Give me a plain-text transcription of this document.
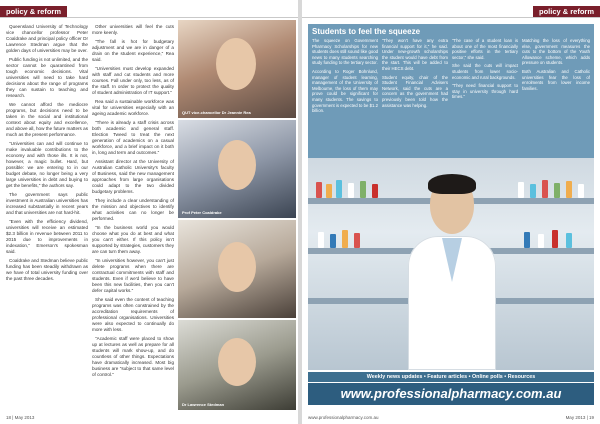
policy & reform

Queensland University of Technology vice chancellor professor Peter Coaldrake and principal policy officer Dr Lawrence Stedman argue that the golden days of universities may be over.

Public funding is not unlimited, and the sector cannot be quarantined from tough economic decisions. Vital universities will need to take hard decisions about the range of programs they can sustain to teaching and research.

We cannot afford the mediocre programs, but decisions need to be taken in the social and institutional context about equity and excellence, and above all, how the future matters as much as the present performance.

"Universities can and will continue to make invaluable contributions to the economy and with those ills. It is not, however, a magic bullet. Hard, but possible: we are entering to in our budget debate, no longer being a very large universities in debt and buying to get the benefits," the authors say.

The government says public investment in Australian universities has increased substantially in recent years and that universities are not hard-hit.

"Even with the efficiency dividend, universities will receive an estimated $2.3 billion in revenue between 2011 to 2015 due to improvements in indexation," Emerson's spokesman said.

Coaldrake and Stedman believe public funding has been steadily withdrawn as we have of total university funding over the past three decades.

Other universities will feel the cuts more keenly.

"The fall is hot for budgetary adjustment and we are in danger of a drain on the student experience," Rea said.

"Universities must develop expanded with staff and cut students and more courses. Fall under only, too less, as of the staff. In order to protect the quality of student administration of IT support."

Rea said a sustainable workforce was vital for universities especially with an ageing academic workforce.

"There is already a staff crisis across both academic and general staff. Election Tweed to treat the next generation of academics on a casual workforce, and a brief impact on it both in, long and term and outcomes."

Assistant director at the University of Australian Catholic University's faculty of Business, said the new management approaches from large organisations could adapt to the two divided budgetary problems.

They include a clear understanding of the mission and objectives to identify what activities can no longer be performed.

"In the business world you would choose what you do at best and what you can't either. If this policy isn't supported by strategies, customers they are can turn them away.

"In universities however, you can't just delete programs when there are contractual commitments with staff and students. Even if we'd believe to have been this new facilities, then you can't defer capital works."

She said even the content of teaching programs was often constrained by the accreditation requirements of professional organisations. Universities were also expected to continually do more with less.

"Academic staff were placed to show up at lectures as well as prepare for all students will mark show-up, and do countless of other things. Expectations have dramatically increased. Most big business are "subject to that same level of control."

QUT vice-chancellor Dr Jeannie Rea
Prof Peter Coaldrake
Dr Lawrence Stedman
18 | May 2013
policy & reform
Students to feel the squeeze

The squeeze on Government Pharmacy Scholarships for new students does still sound like good news to many students searching study funding to the tertiary sector.

According to Roger Bohnlund, manager of student learning, management of the University of Melbourne, the loss of them may prove could be significant for many students. The savings to government is expected to be $1.2 billion.

"They won't have any extra financial support for it," he said. Under new-growth scholarships the student would have debt from the start. This will be added to their HECS debt.

Student equity, chair of the Student Financial Advisers Network, said the cuts are a concern as the government had previously been told how the assistance was helping.

"The case of a student loan is about one of the most financially positive efforts in the tertiary sector," she said.

She said the cuts will impact students from lower socio-economic and rural backgrounds.

"They need financial support to stay in university through hard times."

Matching the loss of everything else, government measures the cuts to the bottom of the Youth Allowance scheme, which adds pressure on students.

Both Australian and Catholic universities fear the loss of enrolments from lower income families.

Weekly news updates • Feature articles • Online polls • Resources
www.professionalpharmacy.com.au
www.professionalpharmacy.com.au	May 2013 | 19
